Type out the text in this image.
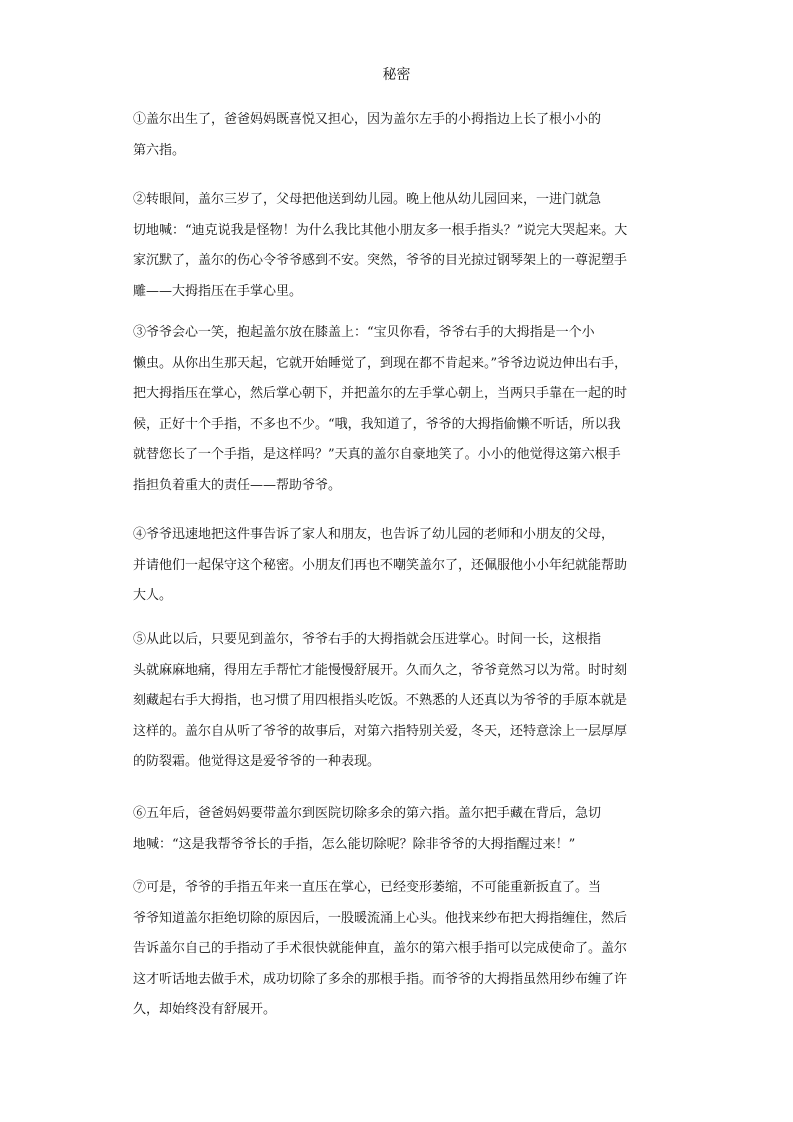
秘密
①盖尔出生了，爸爸妈妈既喜悦又担心，因为盖尔左手的小拇指边上长了根小小的
第六指。
②转眼间，盖尔三岁了，父母把他送到幼儿园。晚上他从幼儿园回来，一进门就急
切地喊：“迪克说我是怪物！为什么我比其他小朋友多一根手指头？”说完大哭起来。大
家沉默了，盖尔的伤心令爷爷感到不安。突然，爷爷的目光掠过钢琴架上的一尊泥塑手
雕——大拇指压在手掌心里。
③爷爷会心一笑，抱起盖尔放在膝盖上：“宝贝你看，爷爷右手的大拇指是一个小
懒虫。从你出生那天起，它就开始睡觉了，到现在都不肯起来。”爷爷边说边伸出右手，
把大拇指压在掌心，然后掌心朝下，并把盖尔的左手掌心朝上，当两只手靠在一起的时
候，正好十个手指，不多也不少。“哦，我知道了，爷爷的大拇指偷懒不听话，所以我
就替您长了一个手指，是这样吗？”天真的盖尔自豪地笑了。小小的他觉得这第六根手
指担负着重大的责任——帮助爷爷。
④爷爷迅速地把这件事告诉了家人和朋友，也告诉了幼儿园的老师和小朋友的父母，
并请他们一起保守这个秘密。小朋友们再也不嘲笑盖尔了，还佩服他小小年纪就能帮助
大人。
⑤从此以后，只要见到盖尔，爷爷右手的大拇指就会压进掌心。时间一长，这根指
头就麻麻地痛，得用左手帮忙才能慢慢舒展开。久而久之，爷爷竟然习以为常。时时刻
刻藏起右手大拇指，也习惯了用四根指头吃饭。不熟悉的人还真以为爷爷的手原本就是
这样的。盖尔自从听了爷爷的故事后，对第六指特别关爱，冬天，还特意涂上一层厚厚
的防裂霜。他觉得这是爱爷爷的一种表现。
⑥五年后，爸爸妈妈要带盖尔到医院切除多余的第六指。盖尔把手藏在背后，急切
地喊：“这是我帮爷爷长的手指，怎么能切除呢？除非爷爷的大拇指醒过来！”
⑦可是，爷爷的手指五年来一直压在掌心，已经变形萎缩，不可能重新扳直了。当
爷爷知道盖尔拒绝切除的原因后，一股暖流涌上心头。他找来纱布把大拇指缠住，然后
告诉盖尔自己的手指动了手术很快就能伸直，盖尔的第六根手指可以完成使命了。盖尔
这才听话地去做手术，成功切除了多余的那根手指。而爷爷的大拇指虽然用纱布缠了许
久，却始终没有舒展开。
